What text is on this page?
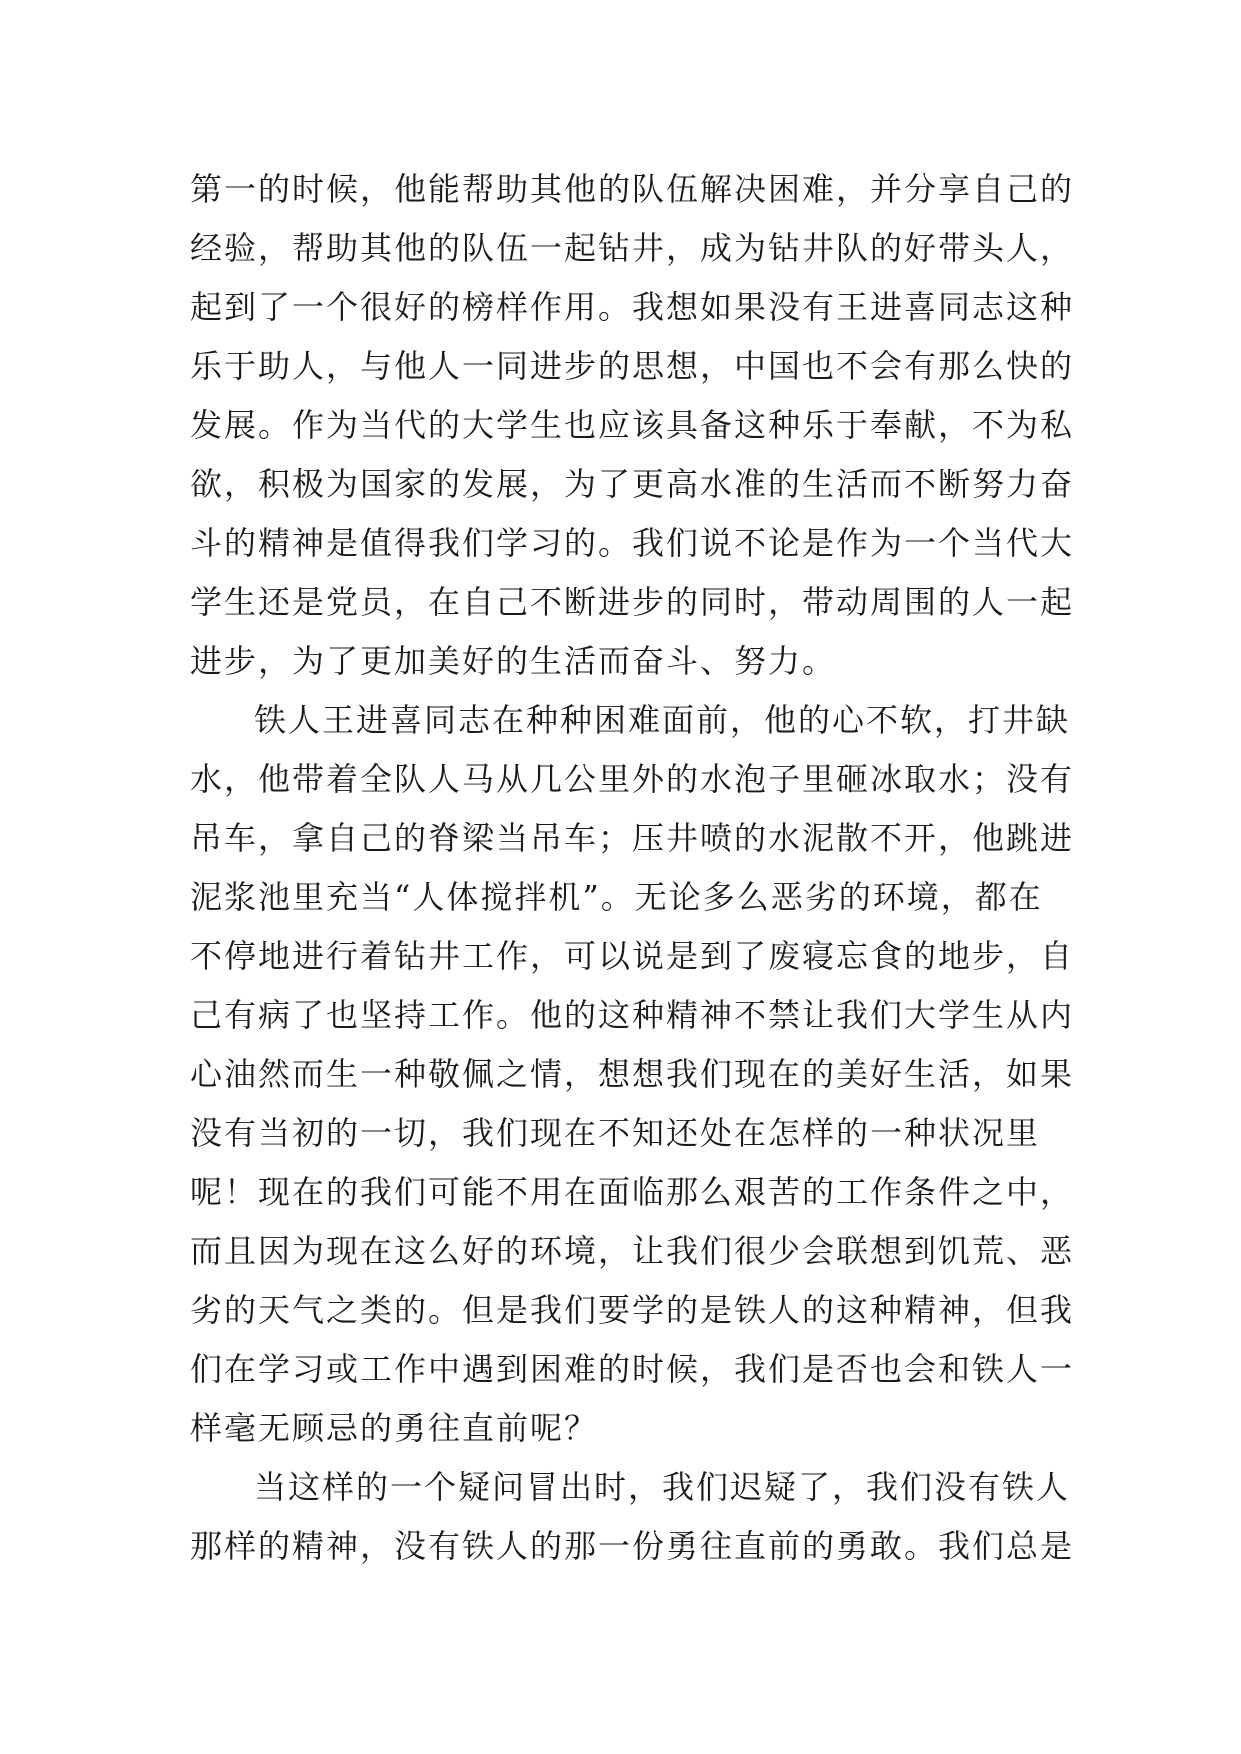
第一的时候，他能帮助其他的队伍解决困难，并分享自己的
经验，帮助其他的队伍一起钻井，成为钻井队的好带头人，
起到了一个很好的榜样作用。我想如果没有王进喜同志这种
乐于助人，与他人一同进步的思想，中国也不会有那么快的
发展。作为当代的大学生也应该具备这种乐于奉献，不为私
欲，积极为国家的发展，为了更高水准的生活而不断努力奋
斗的精神是值得我们学习的。我们说不论是作为一个当代大
学生还是党员，在自己不断进步的同时，带动周围的人一起
进步，为了更加美好的生活而奋斗、努力。
铁人王进喜同志在种种困难面前，他的心不软，打井缺
水，他带着全队人马从几公里外的水泡子里砸冰取水；没有
吊车，拿自己的脊梁当吊车；压井喷的水泥散不开，他跳进
泥浆池里充当“人体搅拌机”。无论多么恶劣的环境，都在
不停地进行着钻井工作，可以说是到了废寝忘食的地步，自
己有病了也坚持工作。他的这种精神不禁让我们大学生从内
心油然而生一种敬佩之情，想想我们现在的美好生活，如果
没有当初的一切，我们现在不知还处在怎样的一种状况里
呢！现在的我们可能不用在面临那么艰苦的工作条件之中，
而且因为现在这么好的环境，让我们很少会联想到饥荒、恶
劣的天气之类的。但是我们要学的是铁人的这种精神，但我
们在学习或工作中遇到困难的时候，我们是否也会和铁人一
样毫无顾忌的勇往直前呢？
当这样的一个疑问冒出时，我们迟疑了，我们没有铁人
那样的精神，没有铁人的那一份勇往直前的勇敢。我们总是
